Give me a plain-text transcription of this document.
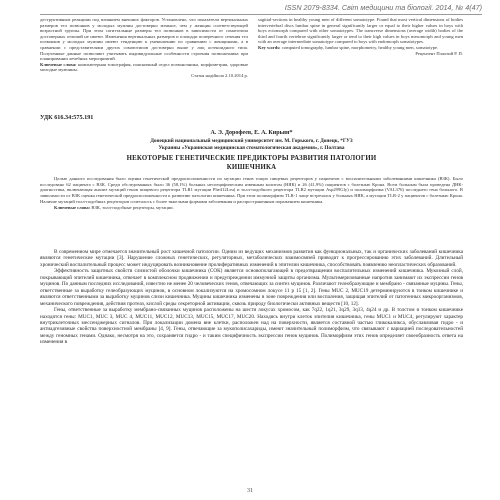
ISSN 2079-8334. Світ медицини та біології. 2014, № 4(47)

деструктивным реакциям под влиянием внешних факторов. Установлено, что показатели вертикальных размеров тел позвонков у молодых мужчин достоверно меньше, чем у женщин соответствующей возрастной группы. При этом сагиттальные размеры тел позвонков в зависимости от соматотипа достоверных отличий не имеют. Изменения вертикальных размеров и площади поперечного сечения тел позвонков у молодых мужчин имеют тенденцию к уменьшению по сравнению с женщинами, а в сравнении с представителями других соматотипов достоверно выше у лиц астеноидного типа. Полученные данные позволяют учитывать индивидуальные особенности строения позвоночника при планировании лечебных мероприятий.

Ключевые слова: компьютерная томография, поясничный отдел позвоночника, морфометрия, здоровые молодые мужчины.

Статья надійшла 2.10.2014 р.

sagittal-sections in healthy young men of different somatotype. Found that most vertical dimensions of bodies intervertebral discs lumbar spine in general significantly larger or equal to their higher values in boys with boys ectomorph compared with other somatotypes. The transverse dimensions (average width) bodies of the third and fourth vertebrae significantly larger or tend to their high values in boys mesomorph and young men with an average intermediate somatotype compared to boys with endomorph somatotypes.

Key words: computed tomography, lumbar spine, morphometry, healthy young men, somatotype.

Рецензент Плахтий Р. П.

УДК 616.34:575.191
А. Э. Дорофеев, Е. А. Кирьян*
Донецкий национальный медицинский университет им. М. Горького, г. Донецк, *ГУЗ
Украины «Украинская медицинская стоматологическая академия», г. Полтава
НЕКОТОРЫЕ ГЕНЕТИЧЕСКИЕ ПРЕДИКТОРЫ РАЗВИТИЯ ПАТОЛОГИИ
КИШЕЧНИКА

Целью данного исследования было оценка генетической предрасположенности по мутации генов тощих пищевых рецепторов у пациентов с воспалительными заболеваниями кишечника (ВЗК). Было исследовано 62 пациента с ВЗК. Среди обследованных было 36 (58,1%) больных неспецифическим язвенным колитом (НЯК) и 26 (41,9%) пациентов с болезнью Крона. Всем больным была проведена ДНК-диагностика, включающая анализ мутаций генов пищевого рецептора TLR1 мутации Phe412Leu) и толл-подобного рецептора TLR2 мутации Asp299Gly) и полиморфизма (VAL376) последнего гена больного. В зависимости от ВЗК оценка генетической предрасположенности к развитию патологии кишечника. При этом полиморфизм TLR-1 чаще встречался у больных НЯК, а мутации TLR-2 у пациентов с болезнью Крона. Наличие мутаций толл-подобных рецепторов сочеталось с более тяжелыми формами заболевания и распространенным поражением кишечника.

Ключевые слова: ВЗК, толл-подобные рецепторы, мутации.

В современном мире отмечается значительный рост кишечной патологии. Одним из ведущих механизмов развития как функциональных, так и органических заболеваний кишечника являются генетические мутации [3]. Нарушение сложных генетических, регуляторных, метаболических взаимосвязей приводит к прогрессированию этих заболеваний. Длительный хронический воспалительный процесс может индуцировать возникновение пролиферативных изменений в эпителии кишечника, способствовать появлению неопластических образований.

Эффективность защитных свойств слизистой оболочки кишечника (СОК) является основополагающей в предотвращении воспалительных изменений кишечника. Мукозный слой, покрывающий эпителий кишечника, отвечает в комплексном продвижении и предупреждении иммунной защиты организма. Мультимеризованные напротив занимают их экспрессии генов муцинов. По данным последних исследований, известно не менее 20 человеческих генов, отвечающих за синтез муцинов. Различают гелеобразующие и мембрано - связанные муцины. Гены, ответственные за выработку гелеобразующих муцинов, в основном локализуются на хромосомном локусе 11 p 15 [1, 2]. Гены MUC 2, MUC19 детерминируются в тонком кишечнике и являются ответственными за выработку муцинов слизи кишечника. Муцины кишечника изменены в зоне повреждения или воспаления, защищая эпителий от патогенных микроорганизмов, механического повреждения, действия протеаз, кислой среды секреторной активации, сквозь природу биологически активных веществ [10, 12].

Гены, ответственные за выработку мембрано-связанных муцинов расположены на шести локусах хромосом, как 7q22, 1q21, 3q29, 3q13, 4q24 и др. В толстом и тонком кишечнике находятся гены: MUC1, MUC 3, MUC 4, MUC11, MUC12, MUC13, MUC15, MUC17, MUC20. Находясь внутри клеток эпителия кишечника, гены MUC1 и MUC4, регулируют характер внутриклеточных мессенджерных сигналов. При локализации домена вне клетки, расположен над на поверхности, является составной частью гликокаликса, обуславливая гидро - и антиадгезивные свойства поверхностной мембраны [4, 9]. Гены, отвечающие за мукополисахариды, имеют значительный полиморфизм, что связывают с вариацией последовательностей между геномных генами. Однако, несмотря на это, сохраняется гидро - и таким специфичность экспрессии генов муцинов. Полиморфизм этих генов определяет своеобразность ответа на изменения в

31
